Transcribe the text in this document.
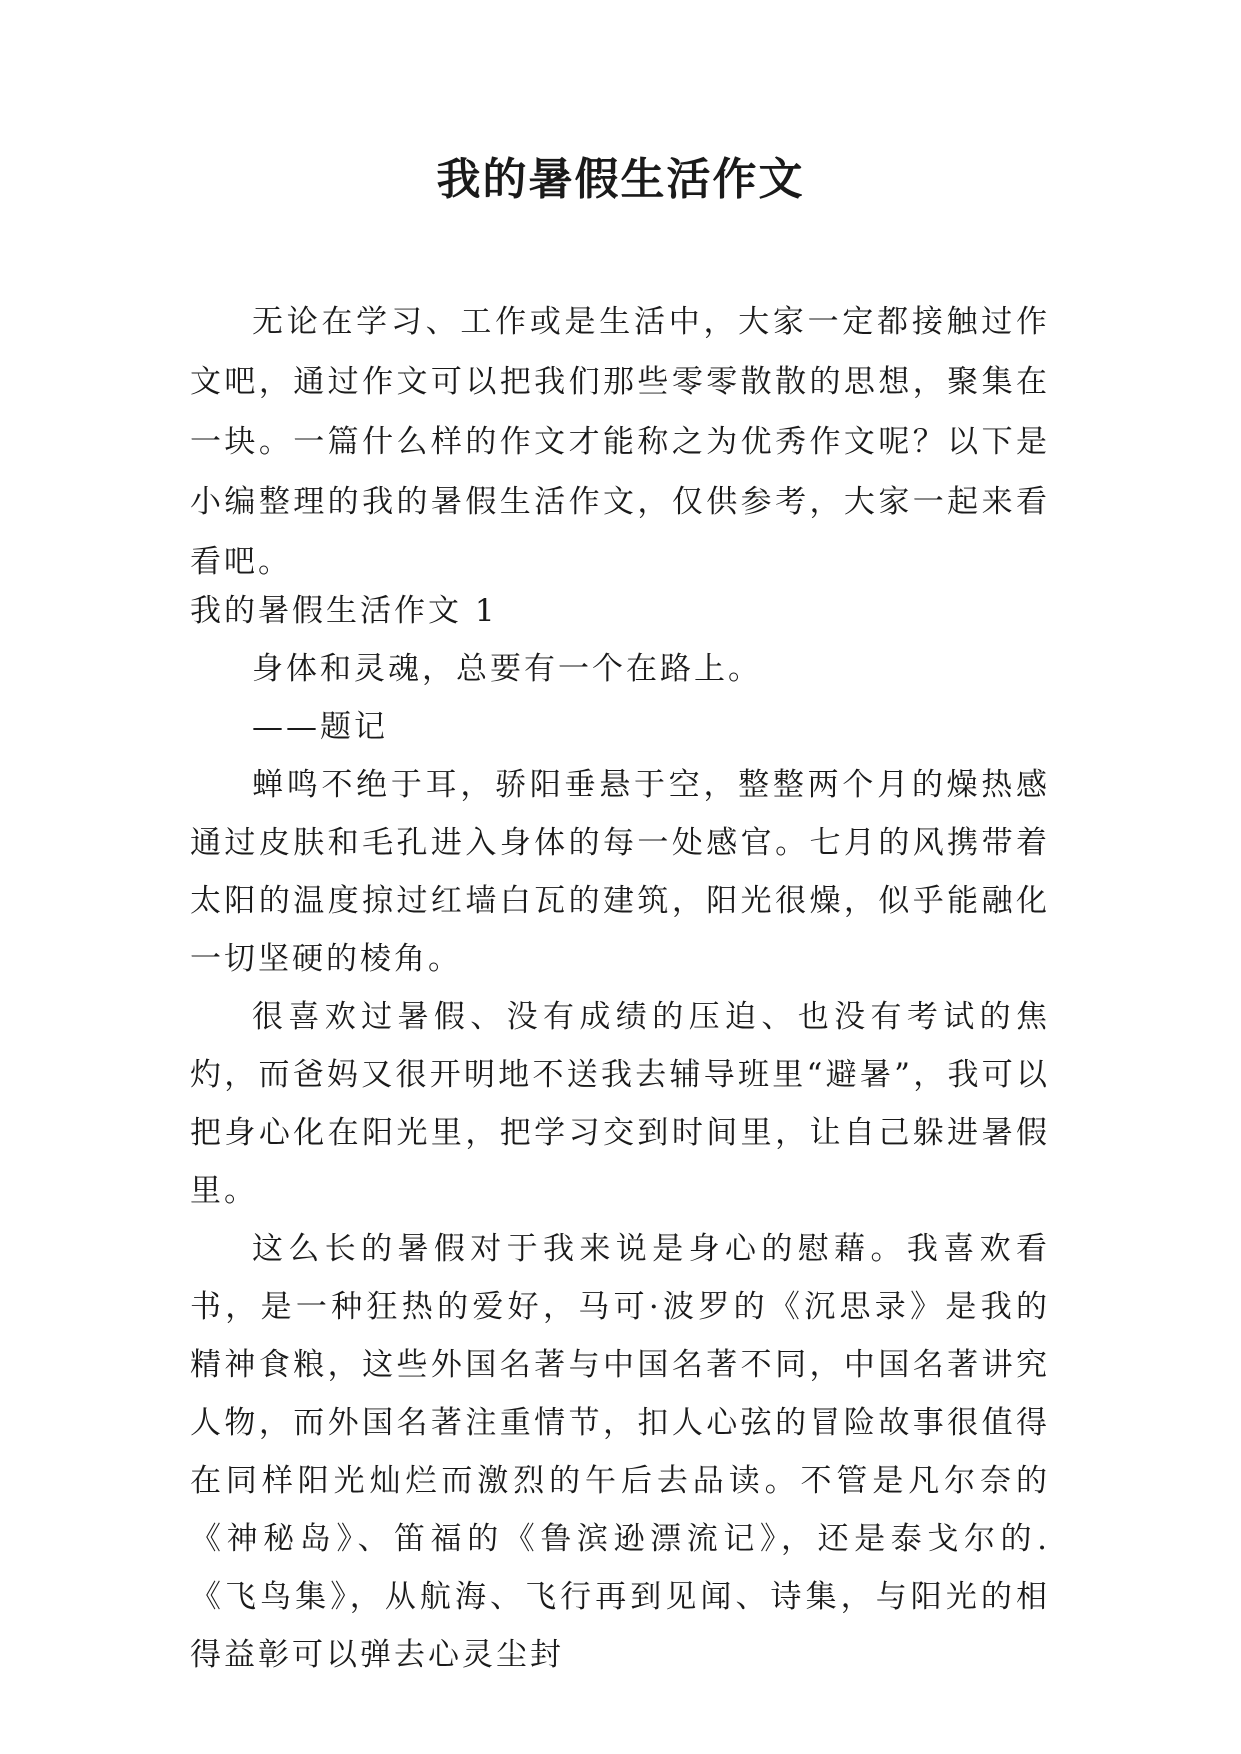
我的暑假生活作文

无论在学习、工作或是生活中，大家一定都接触过作文吧，通过作文可以把我们那些零零散散的思想，聚集在一块。一篇什么样的作文才能称之为优秀作文呢？以下是小编整理的我的暑假生活作文，仅供参考，大家一起来看看吧。

我的暑假生活作文 1

身体和灵魂，总要有一个在路上。

——题记

蝉鸣不绝于耳，骄阳垂悬于空，整整两个月的燥热感通过皮肤和毛孔进入身体的每一处感官。七月的风携带着太阳的温度掠过红墙白瓦的建筑，阳光很燥，似乎能融化一切坚硬的棱角。

很喜欢过暑假、没有成绩的压迫、也没有考试的焦灼，而爸妈又很开明地不送我去辅导班里“避暑”，我可以把身心化在阳光里，把学习交到时间里，让自己躲进暑假里。

这么长的暑假对于我来说是身心的慰藉。我喜欢看书，是一种狂热的爱好，马可·波罗的《沉思录》是我的精神食粮，这些外国名著与中国名著不同，中国名著讲究人物，而外国名著注重情节，扣人心弦的冒险故事很值得在同样阳光灿烂而激烈的午后去品读。不管是凡尔奈的《神秘岛》、笛福的《鲁滨逊漂流记》，还是泰戈尔的.《飞鸟集》，从航海、飞行再到见闻、诗集，与阳光的相得益彰可以弹去心灵尘封
